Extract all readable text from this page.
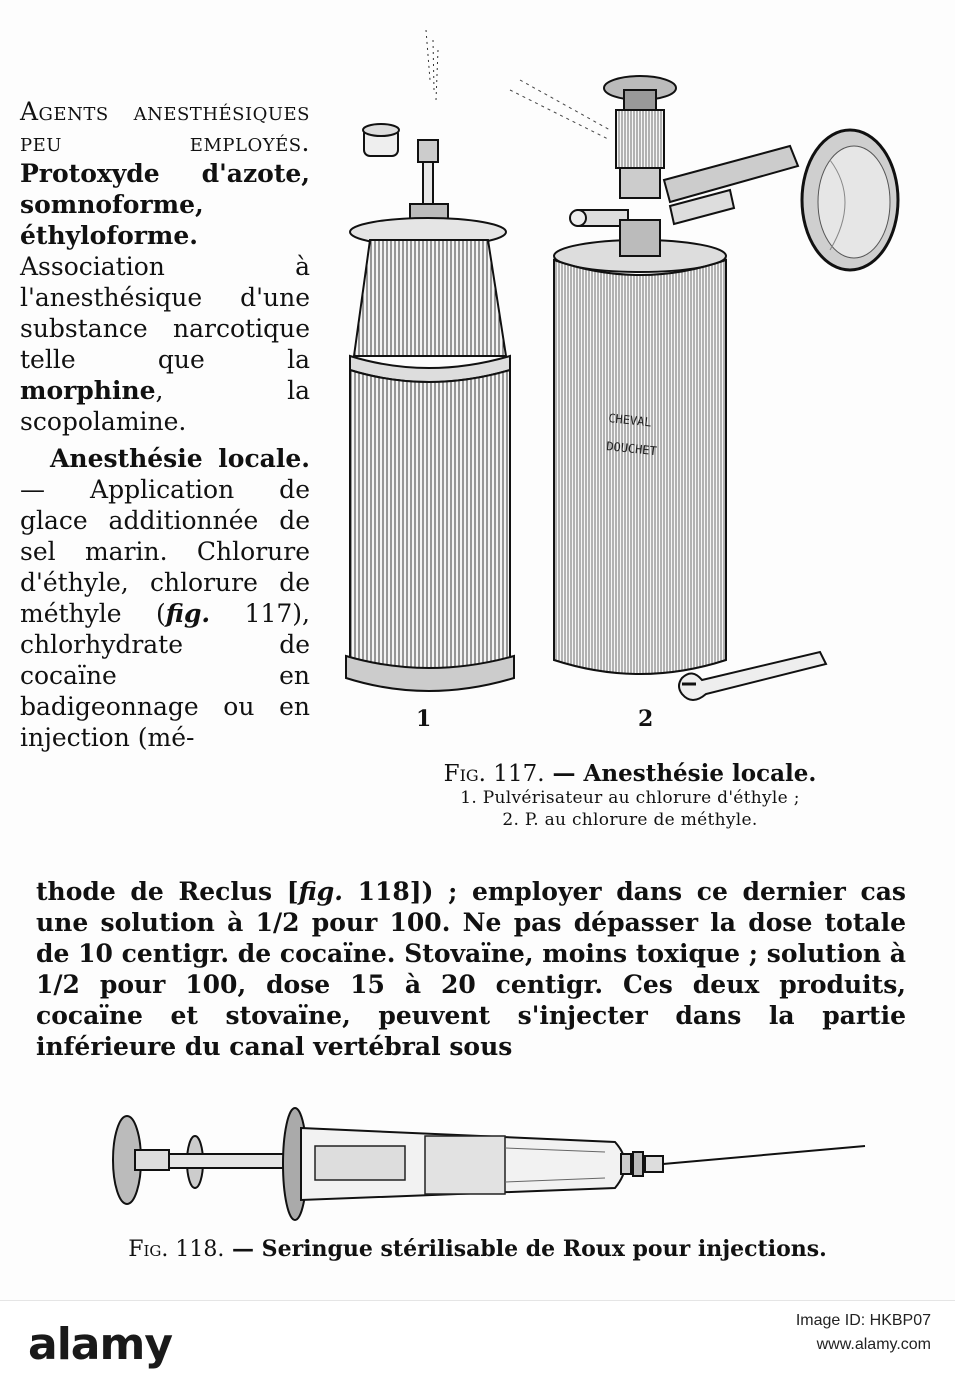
Agents anesthésiques peu employés. Protoxyde d'azote, somnoforme, éthyloforme. Association à l'anesthésique d'une substance narcotique telle que la morphine, la scopolamine.

Anesthésie locale.— Application de glace additionnée de sel marin. Chlorure d'éthyle, chlorure de méthyle (fig. 117), chlorhydrate de cocaïne en badigeonnage ou en injection (mé-

thode de Reclus [fig. 118]) ; employer dans ce dernier cas une solution à 1/2 pour 100. Ne pas dépasser la dose totale de 10 centigr. de cocaïne. Stovaïne, moins toxique ; solution à 1/2 pour 100, dose 15 à 20 centigr. Ces deux produits, cocaïne et stovaïne, peuvent s'injecter dans la partie inférieure du canal vertébral sous

CHEVAL
DOUCHET
1	2
Fig. 117. — Anesthésie locale.
1. Pulvérisateur au chlorure d'éthyle ;
2. P. au chlorure de méthyle.
Fig. 118. — Seringue stérilisable de Roux pour injections.
alamy	Image ID: HKBP07
www.alamy.com
